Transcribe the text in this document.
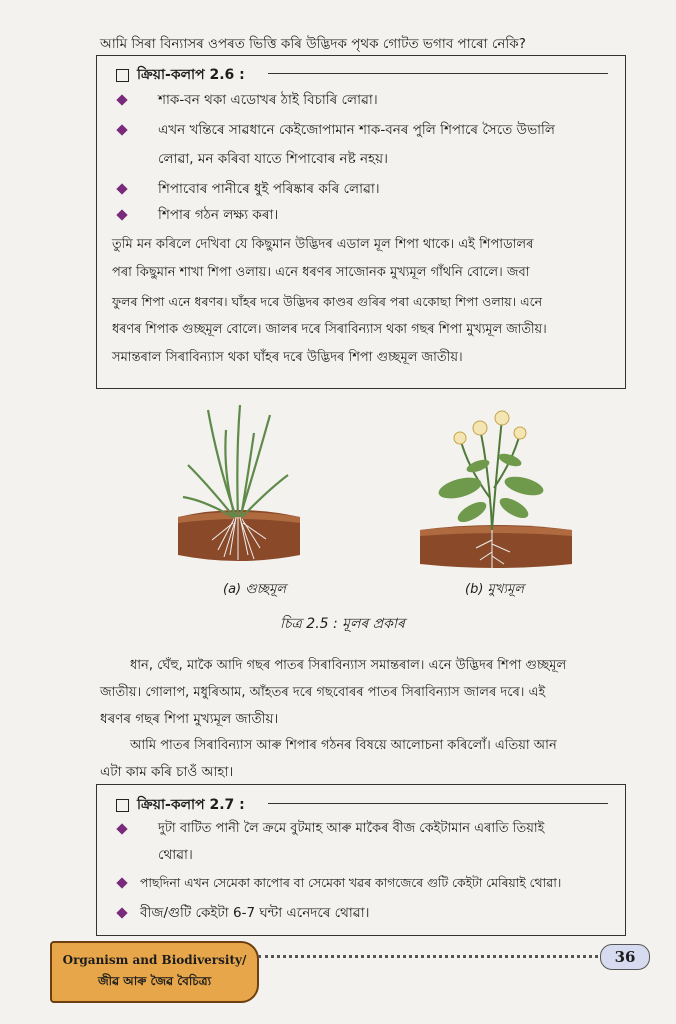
আমি সিৰা বিন্যাসৰ ওপৰত ভিত্তি কৰি উদ্ভিদক পৃথক গোটত ভগাব পাৰো নেকি?
ক্ৰিয়া-কলাপ 2.6 :
শাক-বন থকা এডোখৰ ঠাই বিচাৰি লোৱা।
এখন খন্তিৰে সাৱধানে কেইজোপামান শাক-বনৰ পুলি শিপাৰে সৈতে উভালি
লোৱা, মন কৰিবা যাতে শিপাবোৰ নষ্ট নহয়।
শিপাবোৰ পানীৰে ধুই পৰিষ্কাৰ কৰি লোৱা।
শিপাৰ গঠন লক্ষ্য কৰা।
তুমি মন কৰিলে দেখিবা যে কিছুমান উদ্ভিদৰ এডাল মূল শিপা থাকে। এই শিপাডালৰ
পৰা কিছুমান শাখা শিপা ওলায়। এনে ধৰণৰ সাজোনক মুখ্যমূল গাঁথনি বোলে। জবা
ফুলৰ শিপা এনে ধৰণৰ। ঘাঁহৰ দৰে উদ্ভিদৰ কাণ্ডৰ গুৰিৰ পৰা একোছা শিপা ওলায়। এনে
ধৰণৰ শিপাক গুচ্ছমূল বোলে। জালৰ দৰে সিৰাবিন্যাস থকা গছৰ শিপা মুখ্যমূল জাতীয়।
সমান্তৰাল সিৰাবিন্যাস থকা ঘাঁহৰ দৰে উদ্ভিদৰ শিপা গুচ্ছমূল জাতীয়।
(a) গুচ্ছমূল	(b) মুখ্যমূল
চিত্ৰ 2.5 : মূলৰ প্ৰকাৰ
ধান, ঘেঁহু, মাকৈ আদি গছৰ পাতৰ সিৰাবিন্যাস সমান্তৰাল। এনে উদ্ভিদৰ শিপা গুচ্ছমূল
জাতীয়। গোলাপ, মধুৰিআম, আঁহতৰ দৰে গছবোৰৰ পাতৰ সিৰাবিন্যাস জালৰ দৰে। এই
ধৰণৰ গছৰ শিপা মুখ্যমূল জাতীয়।
আমি পাতৰ সিৰাবিন্যাস আৰু শিপাৰ গঠনৰ বিষয়ে আলোচনা কৰিলোঁ। এতিয়া আন
এটা কাম কৰি চাওঁ আহা।
ক্ৰিয়া-কলাপ 2.7 :
দুটা বাটিত পানী লৈ ক্ৰমে বুটমাহ আৰু মাকৈৰ বীজ কেইটামান এৰাতি তিয়াই
থোৱা।
পাছদিনা এখন সেমেকা কাপোৰ বা সেমেকা খৱৰ কাগজেৰে গুটি কেইটা মেৰিয়াই থোৱা।
বীজ/গুটি কেইটা 6-7 ঘন্টা এনেদৰে থোৱা।
Organism and Biodiversity/
জীৱ আৰু জৈৱ বৈচিত্ৰ্য
36
